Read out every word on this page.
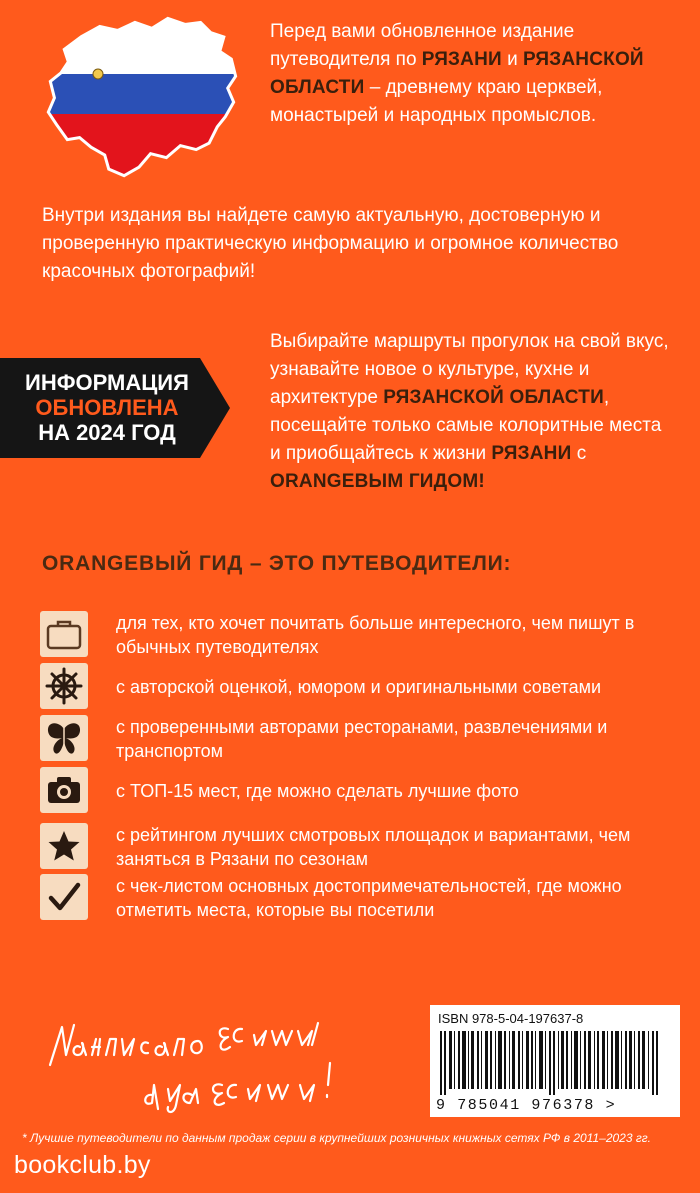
Перед вами обновленное издание путеводителя по РЯЗАНИ и РЯЗАНСКОЙ ОБЛАСТИ – древнему краю церквей, монастырей и народных промыслов.
Внутри издания вы найдете самую актуальную, достоверную и проверенную практическую информацию и огромное количество красочных фотографий!
ИНФОРМАЦИЯ
ОБНОВЛЕНА
НА 2024 ГОД
Выбирайте маршруты прогулок на свой вкус, узнавайте новое о культуре, кухне и архитектуре РЯЗАНСКОЙ ОБЛАСТИ, посещайте только самые колоритные места и приобщайтесь к жизни РЯЗАНИ с ORANGEВЫМ ГИДОМ!
ORANGEВЫЙ ГИД – ЭТО ПУТЕВОДИТЕЛИ:
для тех, кто хочет почитать больше интересного, чем пишут в обычных путеводителях
с авторской оценкой, юмором и оригинальными советами
с проверенными авторами ресторанами, развлечениями и транспортом
с ТОП-15 мест, где можно сделать лучшие фото
с рейтингом лучших смотровых площадок и вариантами, чем заняться в Рязани по сезонам
с чек-листом основных достопримечательностей, где можно отметить места, которые вы посетили
ISBN 978-5-04-197637-8
9 785041 976378 >
* Лучшие путеводители по данным продаж серии в крупнейших розничных книжных сетях РФ в 2011–2023 гг.
bookclub.by
